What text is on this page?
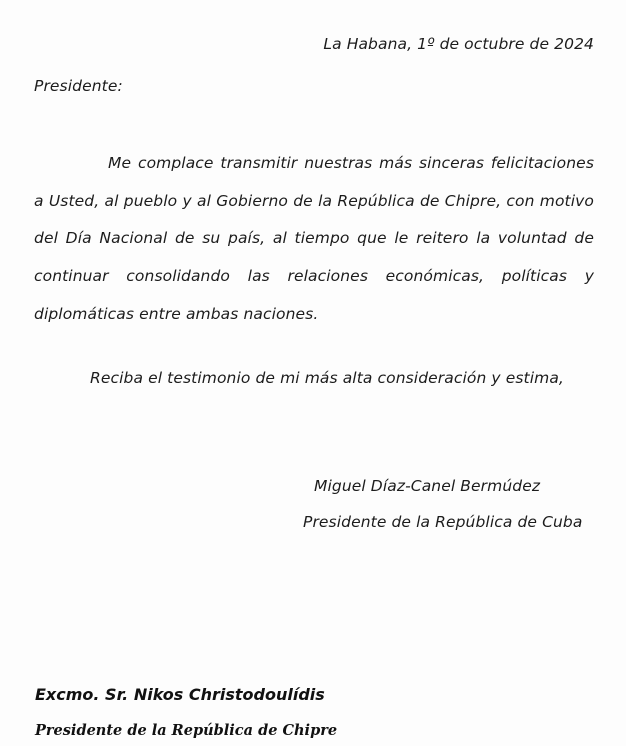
La Habana, 1º de octubre de 2024
Presidente:
Me complace transmitir nuestras más sinceras felicitaciones a Usted, al pueblo y al Gobierno de la República de Chipre, con motivo del Día Nacional de su país, al tiempo que le reitero la voluntad de continuar consolidando las relaciones económicas, políticas y diplomáticas entre ambas naciones.
Reciba el testimonio de mi más alta consideración y estima,
Miguel Díaz-Canel Bermúdez
Presidente de la República de Cuba
Excmo. Sr. Nikos Christodoulídis
Presidente de la República de Chipre
